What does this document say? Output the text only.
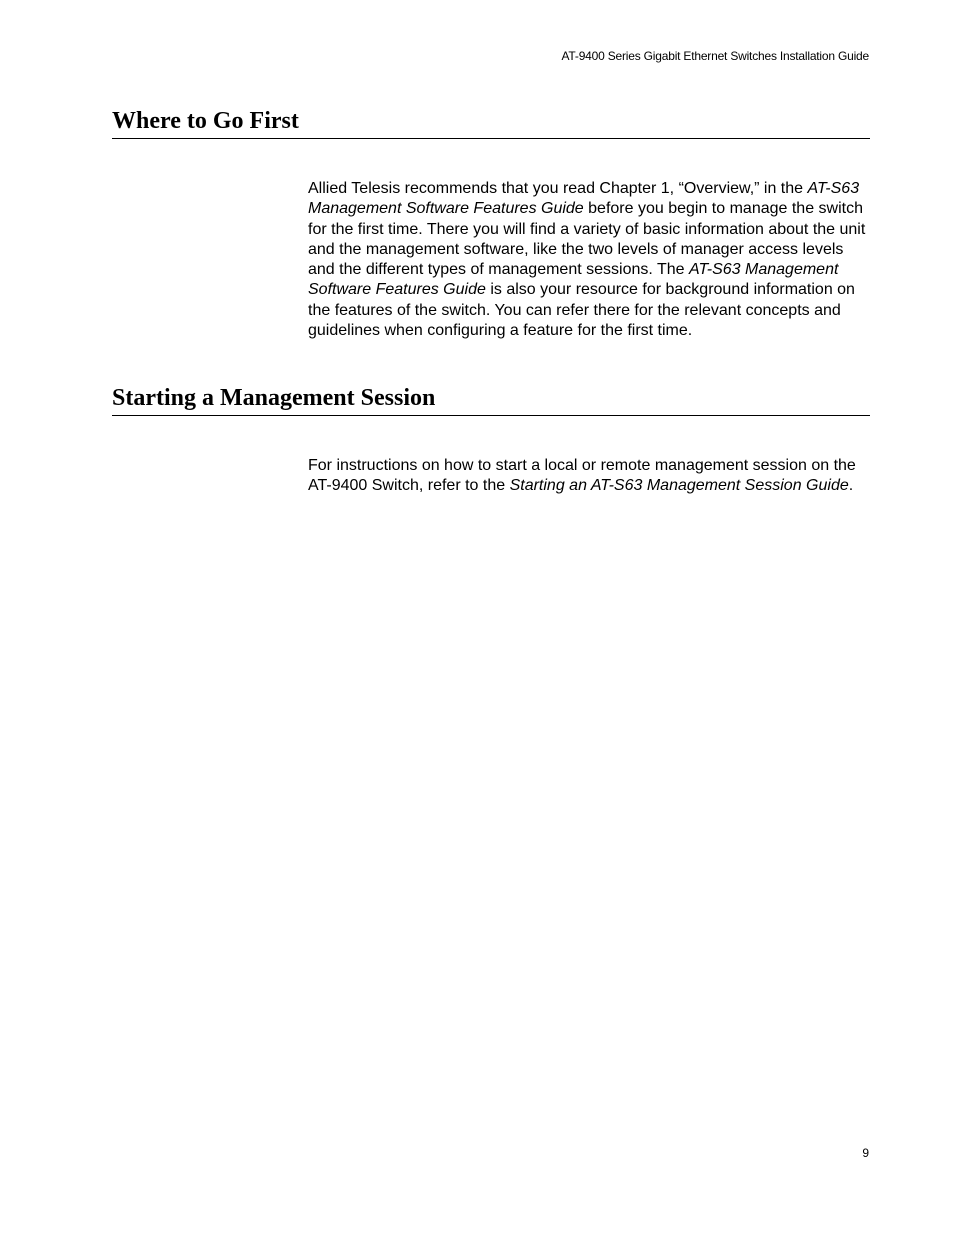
AT-9400 Series Gigabit Ethernet Switches Installation Guide
Where to Go First

Allied Telesis recommends that you read Chapter 1, “Overview,” in the AT-S63 Management Software Features Guide before you begin to manage the switch for the first time. There you will find a variety of basic information about the unit and the management software, like the two levels of manager access levels and the different types of management sessions. The AT-S63 Management Software Features Guide is also your resource for background information on the features of the switch. You can refer there for the relevant concepts and guidelines when configuring a feature for the first time.

Starting a Management Session

For instructions on how to start a local or remote management session on the AT-9400 Switch, refer to the Starting an AT-S63 Management Session Guide.

9
